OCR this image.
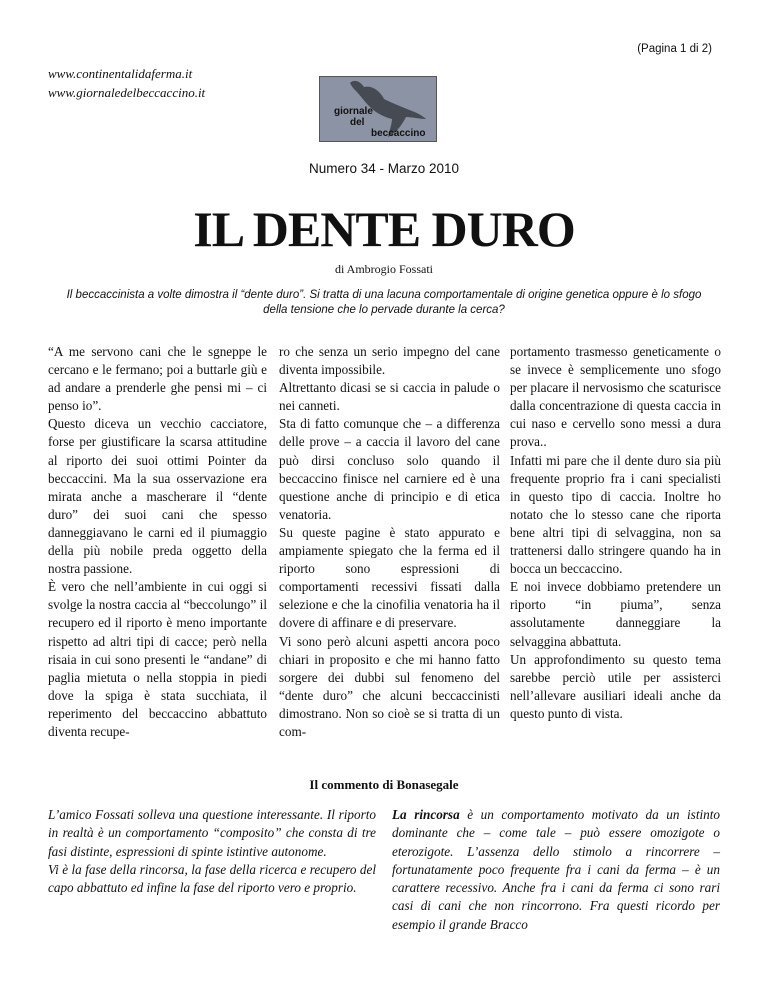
(Pagina 1 di 2)
www.continentalidaferma.it
www.giornaledelbeccaccino.it
giornale
del
beccaccino
Numero 34 - Marzo 2010
IL DENTE DURO
di Ambrogio Fossati
Il beccaccinista a volte dimostra il “dente duro”. Si tratta di una lacuna comportamentale di origine genetica oppure è lo sfogo della tensione che lo pervade durante la cerca?

“A me servono cani che le sgneppe le cercano e le fermano; poi a buttarle giù e ad andare a prenderle ghe pensi mi – ci penso io”.

Questo diceva un vecchio cacciatore, forse per giustificare la scarsa attitudine al riporto dei suoi ottimi Pointer da beccaccini. Ma la sua osservazione era mirata anche a mascherare il “dente duro” dei suoi cani che spesso danneggiavano le carni ed il piumaggio della più nobile preda oggetto della nostra passione.

È vero che nell’ambiente in cui oggi si svolge la nostra caccia al “beccolungo” il recupero ed il riporto è meno importante rispetto ad altri tipi di cacce; però nella risaia in cui sono presenti le “andane” di paglia mietuta o nella stoppia in piedi dove la spiga è stata succhiata, il reperimento del beccaccino abbattuto diventa recupe-

ro che senza un serio impegno del cane diventa impossibile.

Altrettanto dicasi se si caccia in palude o nei canneti.

Sta di fatto comunque che – a differenza delle prove – a caccia il lavoro del cane può dirsi concluso solo quando il beccaccino finisce nel carniere ed è una questione anche di principio e di etica venatoria.

Su queste pagine è stato appurato e ampiamente spiegato che la ferma ed il riporto sono espressioni di comportamenti recessivi fissati dalla selezione e che la cinofilia venatoria ha il dovere di affinare e di preservare.

Vi sono però alcuni aspetti ancora poco chiari in proposito e che mi hanno fatto sorgere dei dubbi sul fenomeno del “dente duro” che alcuni beccaccinisti dimostrano. Non so cioè se si tratta di un com-

portamento trasmesso geneticamente o se invece è semplicemente uno sfogo per placare il nervosismo che scaturisce dalla concentrazione di questa caccia in cui naso e cervello sono messi a dura prova..

Infatti mi pare che il dente duro sia più frequente proprio fra i cani specialisti in questo tipo di caccia. Inoltre ho notato che lo stesso cane che riporta bene altri tipi di selvaggina, non sa trattenersi dallo stringere quando ha in bocca un beccaccino.

E noi invece dobbiamo pretendere un riporto “in piuma”, senza assolutamente danneggiare la selvaggina abbattuta.

Un approfondimento su questo tema sarebbe perciò utile per assisterci nell’allevare ausiliari ideali anche da questo punto di vista.

Il commento di Bonasegale

L’amico Fossati solleva una questione interessante. Il riporto in realtà è un comportamento “composito” che consta di tre fasi distinte, espressioni di spinte istintive autonome.

Vi è la fase della rincorsa, la fase della ricerca e recupero del capo abbattuto ed infine la fase del riporto vero e proprio.

La rincorsa è un comportamento motivato da un istinto dominante che – come tale – può essere omozigote o eterozigote. L’assenza dello stimolo a rincorrere – fortunatamente poco frequente fra i cani da ferma – è un carattere recessivo. Anche fra i cani da ferma ci sono rari casi di cani che non rincorrono. Fra questi ricordo per esempio il grande Bracco
